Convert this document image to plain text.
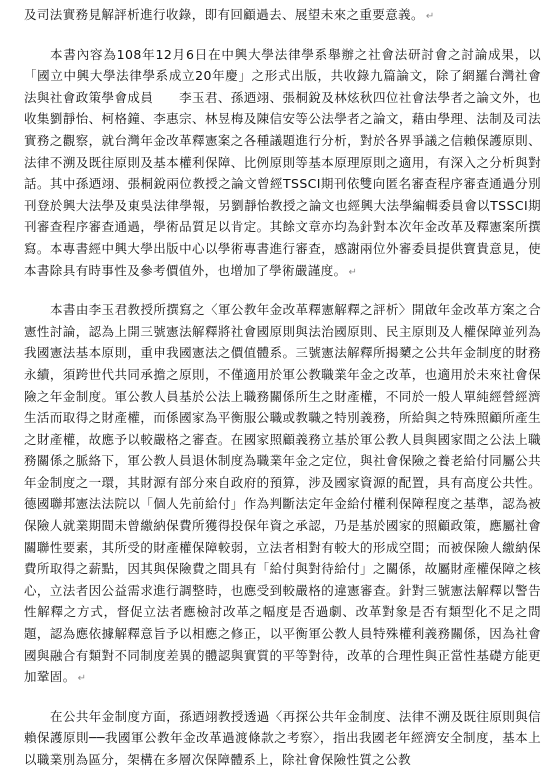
及司法實務見解評析進行收錄，即有回顧過去、展望未來之重要意義。 ↵

本書內容為108年12月6日在中興大學法律學系舉辦之社會法研討會之討論成果，以「國立中興大學法律學系成立20年慶」之形式出版，共收錄九篇論文，除了網羅台灣社會法與社會政策學會成員　　李玉君、孫迺翊、張桐銳及林炫秋四位社會法學者之論文外，也收集劉靜怡、柯格鐘、李惠宗、林昱梅及陳信安等公法學者之論文，藉由學理、法制及司法實務之觀察，就台灣年金改革釋憲案之各種議題進行分析，對於各界爭議之信賴保護原則、法律不溯及既往原則及基本權利保障、比例原則等基本原理原則之適用，有深入之分析與對話。其中孫迺翊、張桐銳兩位教授之論文曾經TSSCI期刊依雙向匿名審查程序審查通過分別刊登於興大法學及東吳法律學報，另劉靜怡教授之論文也經興大法學編輯委員會以TSSCI期刊審查程序審查通過，學術品質足以肯定。其餘文章亦均為針對本次年金改革及釋憲案所撰寫。本專書經中興大學出版中心以學術專書進行審查，感謝兩位外審委員提供寶貴意見，使本書除具有時事性及參考價值外，也增加了學術嚴謹度。 ↵

本書由李玉君教授所撰寫之〈軍公教年金改革釋憲解釋之評析〉開啟年金改革方案之合憲性討論，認為上開三號憲法解釋將社會國原則與法治國原則、民主原則及人權保障並列為我國憲法基本原則，重申我國憲法之價值體系。三號憲法解釋所揭櫫之公共年金制度的財務永續，須跨世代共同承擔之原則，不僅適用於軍公教職業年金之改革，也適用於未來社會保險之年金制度。軍公教人員基於公法上職務關係所生之財產權，不同於一般人單純經營經濟生活而取得之財產權，而係國家為平衡服公職或教職之特別義務，所給與之特殊照顧所產生之財產權，故應予以較嚴格之審查。在國家照顧義務立基於軍公教人員與國家間之公法上職務關係之脈絡下，軍公教人員退休制度為職業年金之定位，與社會保險之養老給付同屬公共年金制度之一環，其財源有部分來自政府的預算，涉及國家資源的配置，具有高度公共性。德國聯邦憲法法院以「個人先前給付」作為判斷法定年金給付權利保障程度之基準，認為被保險人就業期間未曾繳納保費所獲得投保年資之承認，乃是基於國家的照顧政策，應屬社會關聯性要素，其所受的財產權保障較弱，立法者相對有較大的形成空間；而被保險人繳納保費所取得之薪點，因其與保險費之間具有「給付與對待給付」之關係，故屬財產權保障之核心，立法者因公益需求進行調整時，也應受到較嚴格的違憲審查。針對三號憲法解釋以警告性解釋之方式，督促立法者應檢討改革之幅度是否過劇、改革對象是否有類型化不足之問題，認為應依據解釋意旨予以相應之修正，以平衡軍公教人員特殊權利義務關係，因為社會國與融合有類對不同制度差異的體認與實質的平等對待，改革的合理性與正當性基礎方能更加鞏固。 ↵

在公共年金制度方面，孫迺翊教授透過〈再探公共年金制度、法律不溯及既往原則與信賴保護原則──我國軍公教年金改革過渡條款之考察〉，指出我國老年經濟安全制度，基本上以職業別為區分，架構在多層次保障體系上，除社會保險性質之公教
